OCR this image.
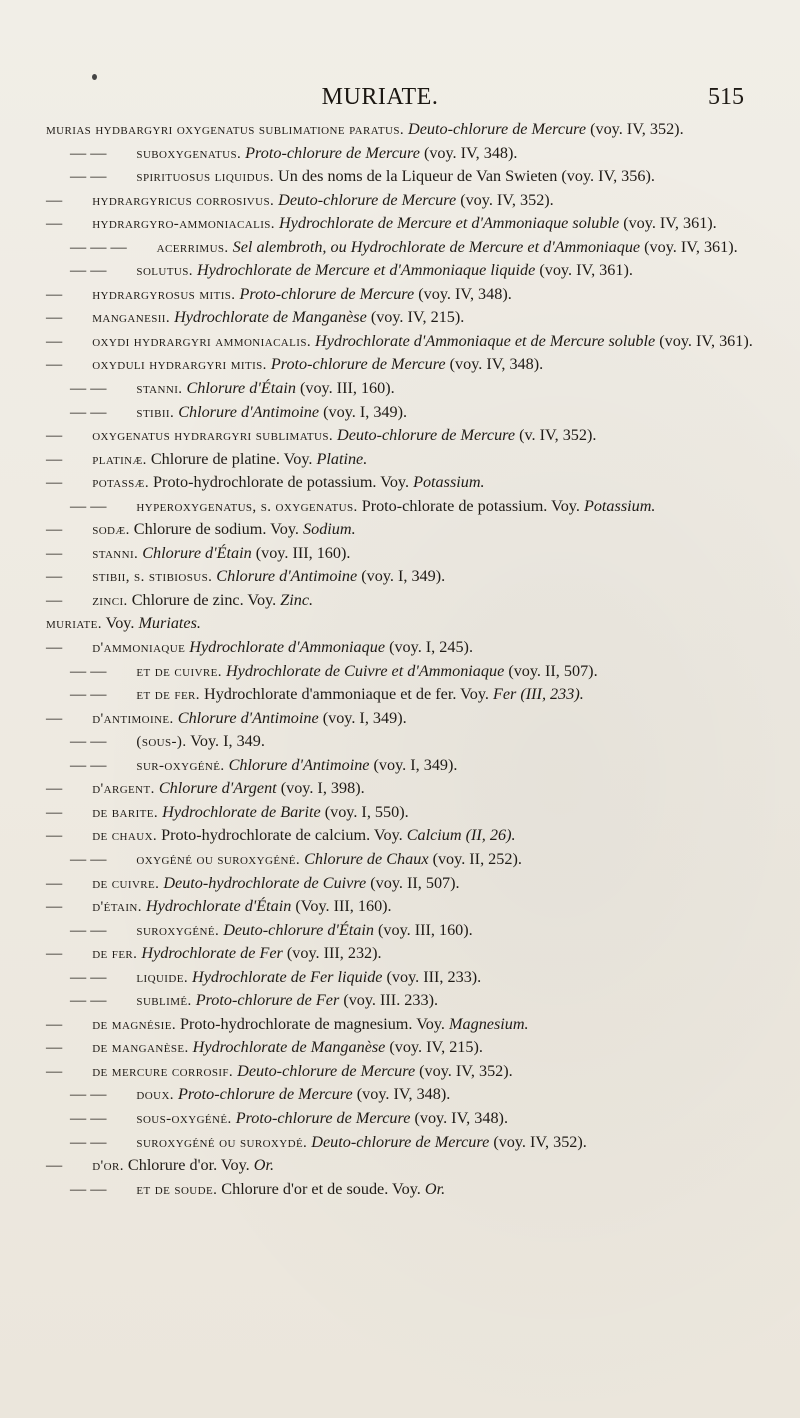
MURIATE.	515
murias hydbargyri oxygenatus sublimatione paratus. Deuto-chlorure de Mercure (voy. IV, 352).
— — suboxygenatus. Proto-chlorure de Mercure (voy. IV, 348).
— — spirituosus liquidus. Un des noms de la Liqueur de Van Swieten (voy. IV, 356).
— hydrargyricus corrosivus. Deuto-chlorure de Mercure (voy. IV, 352).
— hydrargyro-ammoniacalis. Hydrochlorate de Mercure et d'Ammoniaque soluble (voy. IV, 361).
— — — acerrimus. Sel alembroth, ou Hydrochlorate de Mercure et d'Ammoniaque (voy. IV, 361).
— — solutus. Hydrochlorate de Mercure et d'Ammoniaque liquide (voy. IV, 361).
— hydrargyrosus mitis. Proto-chlorure de Mercure (voy. IV, 348).
— manganesii. Hydrochlorate de Manganèse (voy. IV, 215).
— oxydi hydrargyri ammoniacalis. Hydrochlorate d'Ammoniaque et de Mercure soluble (voy. IV, 361).
— oxyduli hydrargyri mitis. Proto-chlorure de Mercure (voy. IV, 348).
— — stanni. Chlorure d'Étain (voy. III, 160).
— — stibii. Chlorure d'Antimoine (voy. I, 349).
— oxygenatus hydrargyri sublimatus. Deuto-chlorure de Mercure (v. IV, 352).
— platinæ. Chlorure de platine. Voy. Platine.
— potassæ. Proto-hydrochlorate de potassium. Voy. Potassium.
— — hyperoxygenatus, s. oxygenatus. Proto-chlorate de potassium. Voy. Potassium.
— sodæ. Chlorure de sodium. Voy. Sodium.
— stanni. Chlorure d'Étain (voy. III, 160).
— stibii, s. stibiosus. Chlorure d'Antimoine (voy. I, 349).
— zinci. Chlorure de zinc. Voy. Zinc.
muriate. Voy. Muriates.
— d'ammoniaque Hydrochlorate d'Ammoniaque (voy. I, 245).
— — et de cuivre. Hydrochlorate de Cuivre et d'Ammoniaque (voy. II, 507).
— — et de fer. Hydrochlorate d'ammoniaque et de fer. Voy. Fer (III, 233).
— d'antimoine. Chlorure d'Antimoine (voy. I, 349).
— — (sous-). Voy. I, 349.
— — sur-oxygéné. Chlorure d'Antimoine (voy. I, 349).
— d'argent. Chlorure d'Argent (voy. I, 398).
— de barite. Hydrochlorate de Barite (voy. I, 550).
— de chaux. Proto-hydrochlorate de calcium. Voy. Calcium (II, 26).
— — oxygéné ou suroxygéné. Chlorure de Chaux (voy. II, 252).
— de cuivre. Deuto-hydrochlorate de Cuivre (voy. II, 507).
— d'étain. Hydrochlorate d'Étain (Voy. III, 160).
— — suroxygéné. Deuto-chlorure d'Étain (voy. III, 160).
— de fer. Hydrochlorate de Fer (voy. III, 232).
— — liquide. Hydrochlorate de Fer liquide (voy. III, 233).
— — sublimé. Proto-chlorure de Fer (voy. III. 233).
— de magnésie. Proto-hydrochlorate de magnesium. Voy. Magnesium.
— de manganèse. Hydrochlorate de Manganèse (voy. IV, 215).
— de mercure corrosif. Deuto-chlorure de Mercure (voy. IV, 352).
— — doux. Proto-chlorure de Mercure (voy. IV, 348).
— — sous-oxygéné. Proto-chlorure de Mercure (voy. IV, 348).
— — suroxygéné ou suroxydé. Deuto-chlorure de Mercure (voy. IV, 352).
— d'or. Chlorure d'or. Voy. Or.
— — et de soude. Chlorure d'or et de soude. Voy. Or.
